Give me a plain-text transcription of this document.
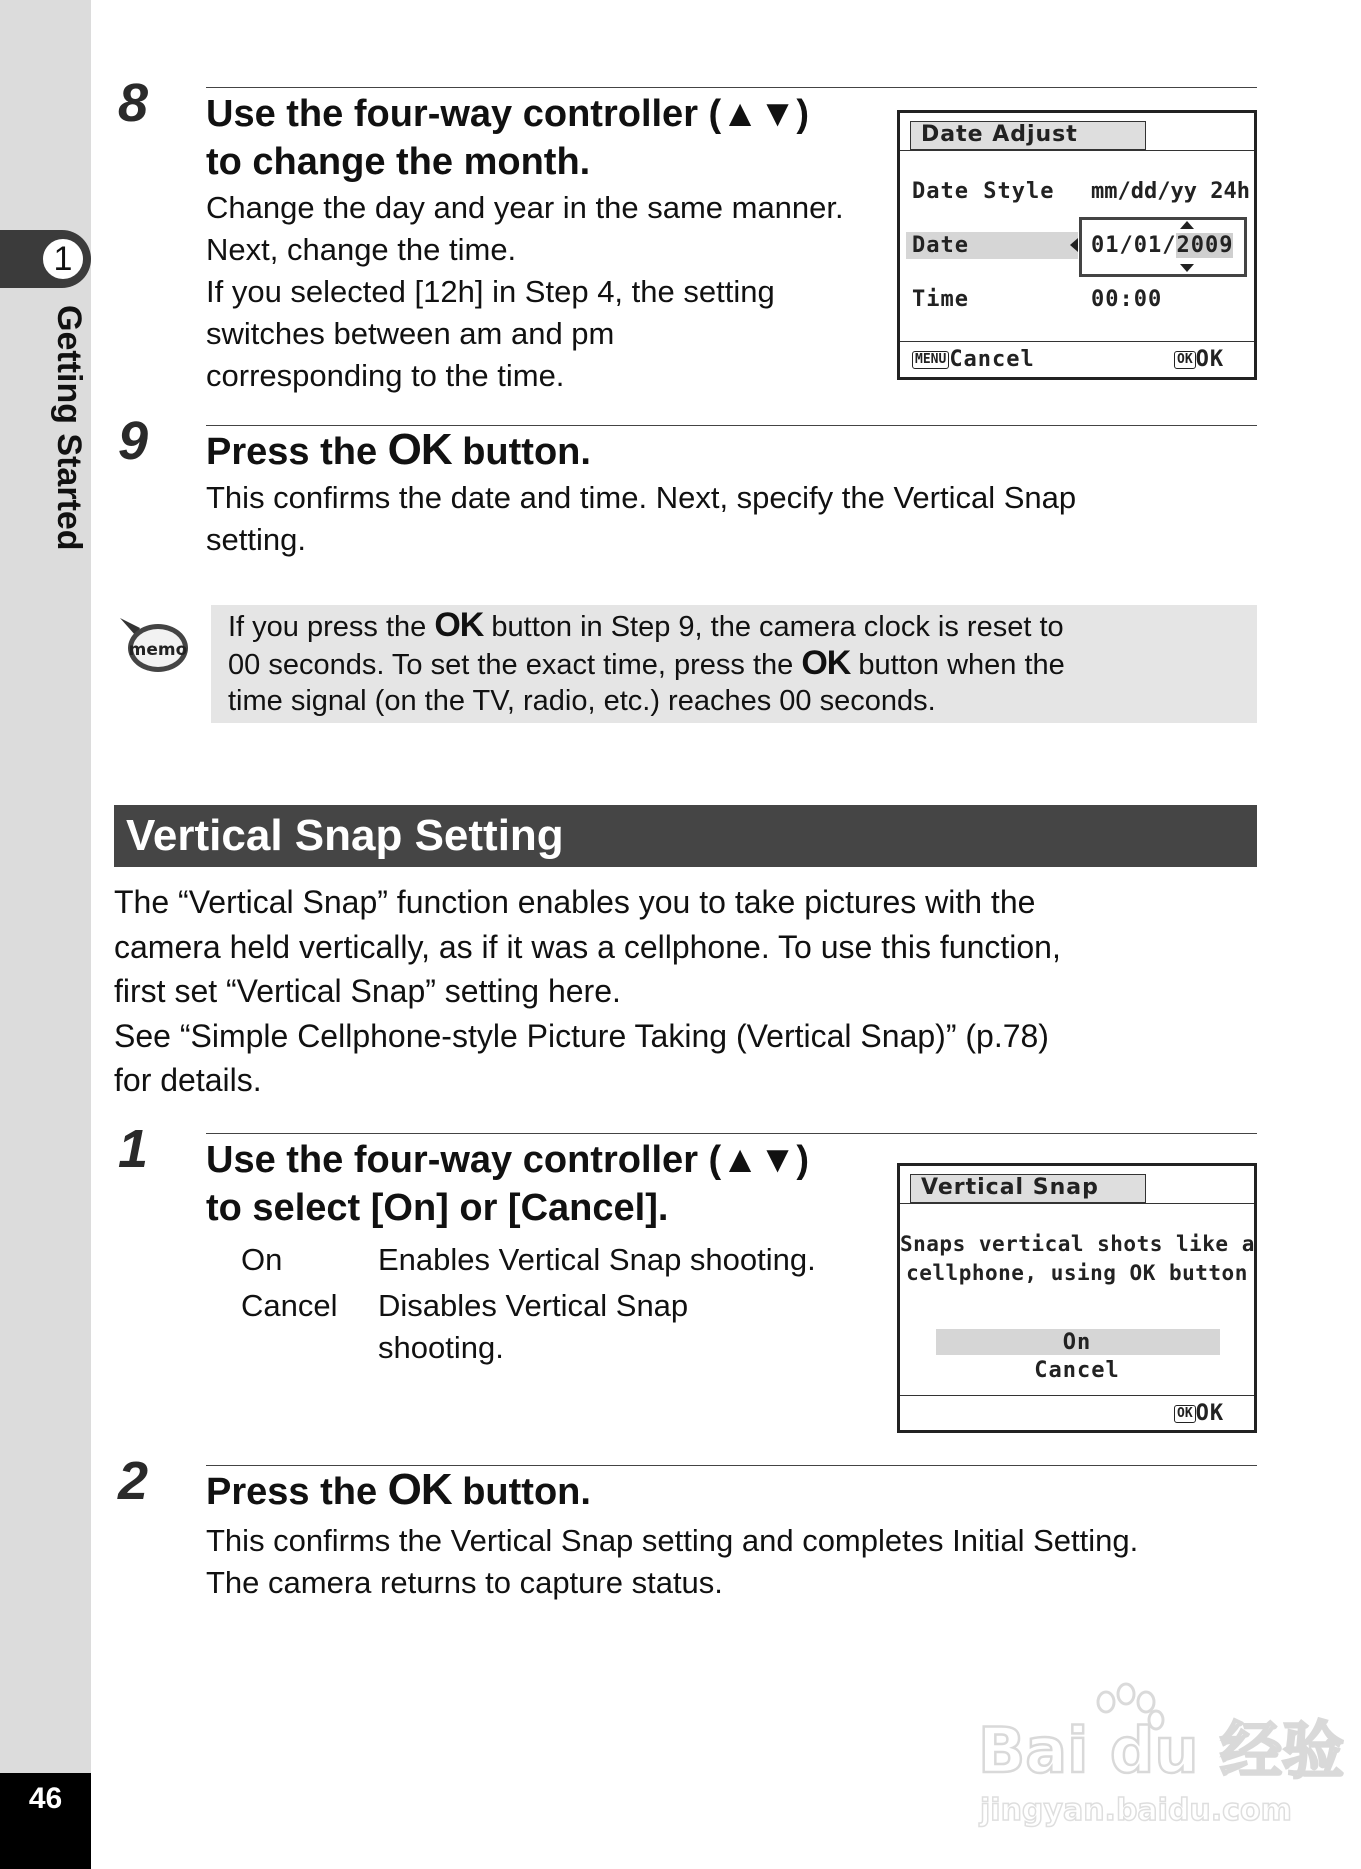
1
Getting Started
46
8 Use the four-way controller (▲▼)
to change the month.
Change the day and year in the same manner.
Next, change the time.
If you selected [12h] in Step 4, the setting
switches between am and pm
corresponding to the time.
Date Adjust
Date Style mm/dd/yy 24h
Date	01/01/2009
Time	00:00
MENU Cancel	OK OK
9 Press the OK button.
This confirms the date and time. Next, specify the Vertical Snap
setting.
memo
If you press the OK button in Step 9, the camera clock is reset to
00 seconds. To set the exact time, press the OK button when the
time signal (on the TV, radio, etc.) reaches 00 seconds.
Vertical Snap Setting
The “Vertical Snap” function enables you to take pictures with the
camera held vertically, as if it was a cellphone. To use this function,
first set “Vertical Snap” setting here.
See “Simple Cellphone-style Picture Taking (Vertical Snap)” (p.78)
for details.
1 Use the four-way controller (▲▼)
to select [On] or [Cancel].
On	Enables Vertical Snap shooting.
Cancel Disables Vertical Snap shooting.
Vertical Snap
Snaps vertical shots like a
cellphone, using OK button
On
Cancel
OK OK
2 Press the OK button.
This confirms the Vertical Snap setting and completes Initial Setting.
The camera returns to capture status.
Bai du 经验
jingyan.baidu.com
